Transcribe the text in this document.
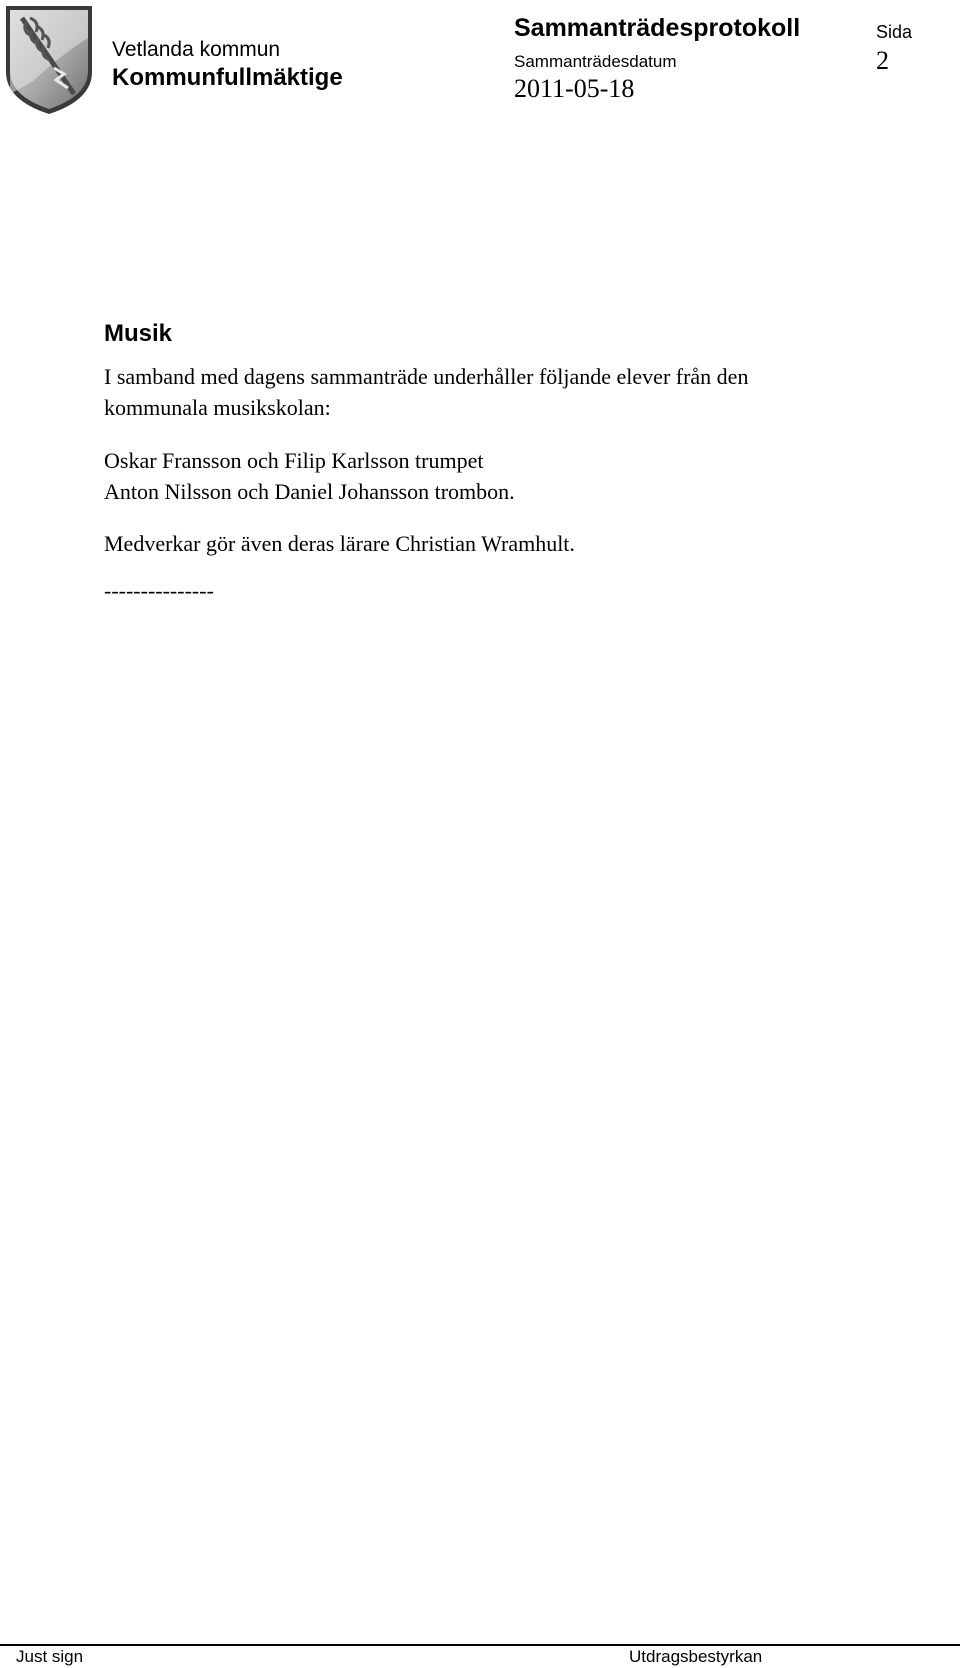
Vetlanda kommun
Kommunfullmäktige
Sammanträdesprotokoll
Sammanträdesdatum
2011-05-18
Sida
2
Musik
I samband med dagens sammanträde underhåller följande elever från den
kommunala musikskolan:
Oskar Fransson och Filip Karlsson trumpet
Anton Nilsson och Daniel Johansson trombon.
Medverkar gör även deras lärare Christian Wramhult.
---------------
Just sign	Utdragsbestyrkan
